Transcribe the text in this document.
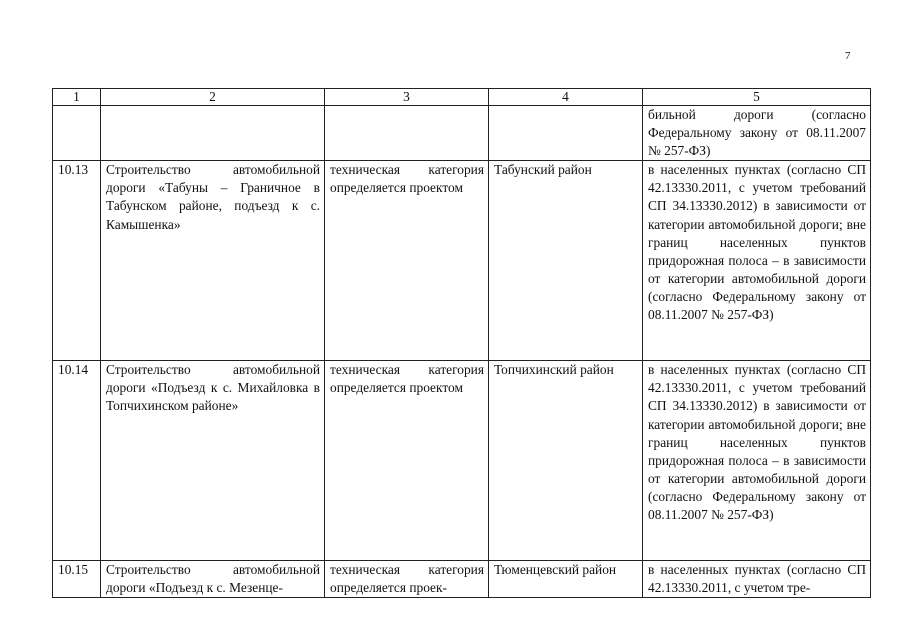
7
1	2	3	4	5
				бильной дороги (согласно Федеральному закону от 08.11.2007 № 257-ФЗ)
10.13	Строительство автомобильной дороги «Табуны – Граничное в Табунском районе, подъезд к с. Камышенка»	техническая категория определяется проектом	Табунский район	в населенных пунктах (согласно СП 42.13330.2011, с учетом требований СП 34.13330.2012) в зависимости от категории автомобильной дороги; вне границ населенных пунктов придорожная полоса – в зависимости от категории автомобильной дороги (согласно Федеральному закону от 08.11.2007 № 257-ФЗ)
10.14	Строительство автомобильной дороги «Подъезд к с. Михайловка в Топчихинском районе»	техническая категория определяется проектом	Топчихинский район	в населенных пунктах (согласно СП 42.13330.2011, с учетом требований СП 34.13330.2012) в зависимости от категории автомобильной дороги; вне границ населенных пунктов придорожная полоса – в зависимости от категории автомобильной дороги (согласно Федеральному закону от 08.11.2007 № 257-ФЗ)
10.15	Строительство автомобильной дороги «Подъезд к с. Мезенце-	техническая категория определяется проек-	Тюменцевский район	в населенных пунктах (согласно СП 42.13330.2011, с учетом тре-
